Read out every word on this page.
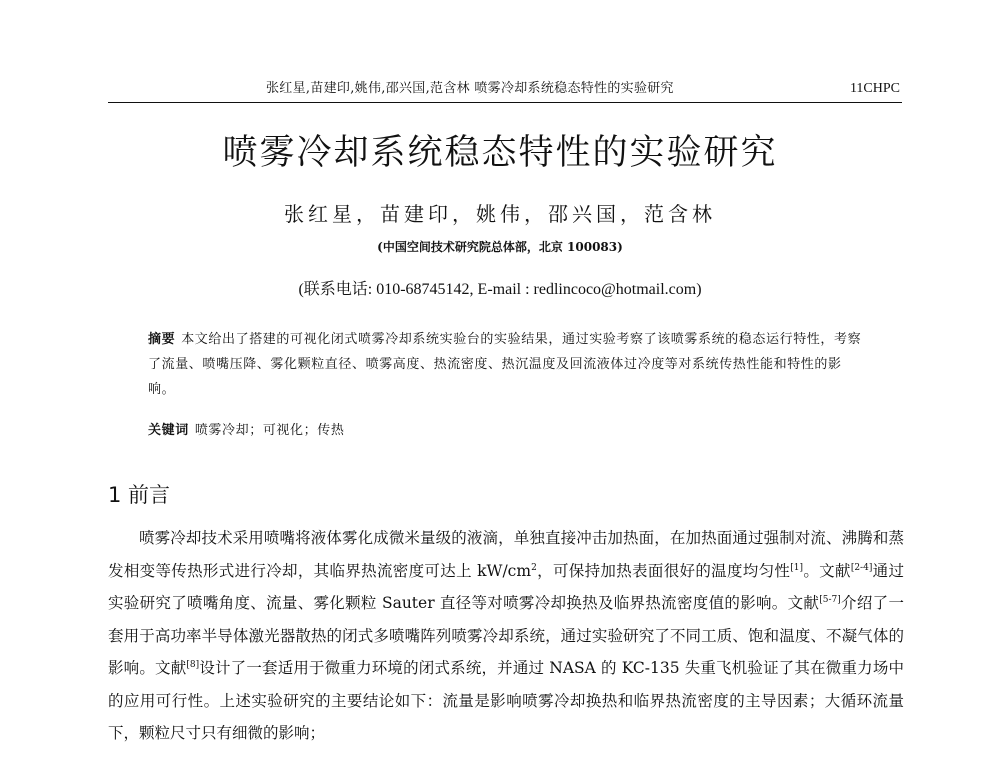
张红星,苗建印,姚伟,邵兴国,范含林 喷雾冷却系统稳态特性的实验研究	11CHPC
喷雾冷却系统稳态特性的实验研究
张红星，苗建印，姚伟，邵兴国，范含林
(中国空间技术研究院总体部，北京 100083)
(联系电话: 010-68745142, E-mail : redlincoco@hotmail.com)
摘要 本文给出了搭建的可视化闭式喷雾冷却系统实验台的实验结果，通过实验考察了该喷雾系统的稳态运行特性，考察了流量、喷嘴压降、雾化颗粒直径、喷雾高度、热流密度、热沉温度及回流液体过冷度等对系统传热性能和特性的影响。
关键词 喷雾冷却；可视化；传热
1 前言
喷雾冷却技术采用喷嘴将液体雾化成微米量级的液滴，单独直接冲击加热面，在加热面通过强制对流、沸腾和蒸发相变等传热形式进行冷却，其临界热流密度可达上 $kW/cm^2$，可保持加热表面很好的温度均匀性[1]。文献[2-4]通过实验研究了喷嘴角度、流量、雾化颗粒 Sauter 直径等对喷雾冷却换热及临界热流密度值的影响。文献[5-7]介绍了一套用于高功率半导体激光器散热的闭式多喷嘴阵列喷雾冷却系统，通过实验研究了不同工质、饱和温度、不凝气体的影响。文献[8]设计了一套适用于微重力环境的闭式系统，并通过 NASA 的 KC-135 失重飞机验证了其在微重力场中的应用可行性。上述实验研究的主要结论如下：流量是影响喷雾冷却换热和临界热流密度的主导因素；大循环流量下，颗粒尺寸只有细微的影响；
